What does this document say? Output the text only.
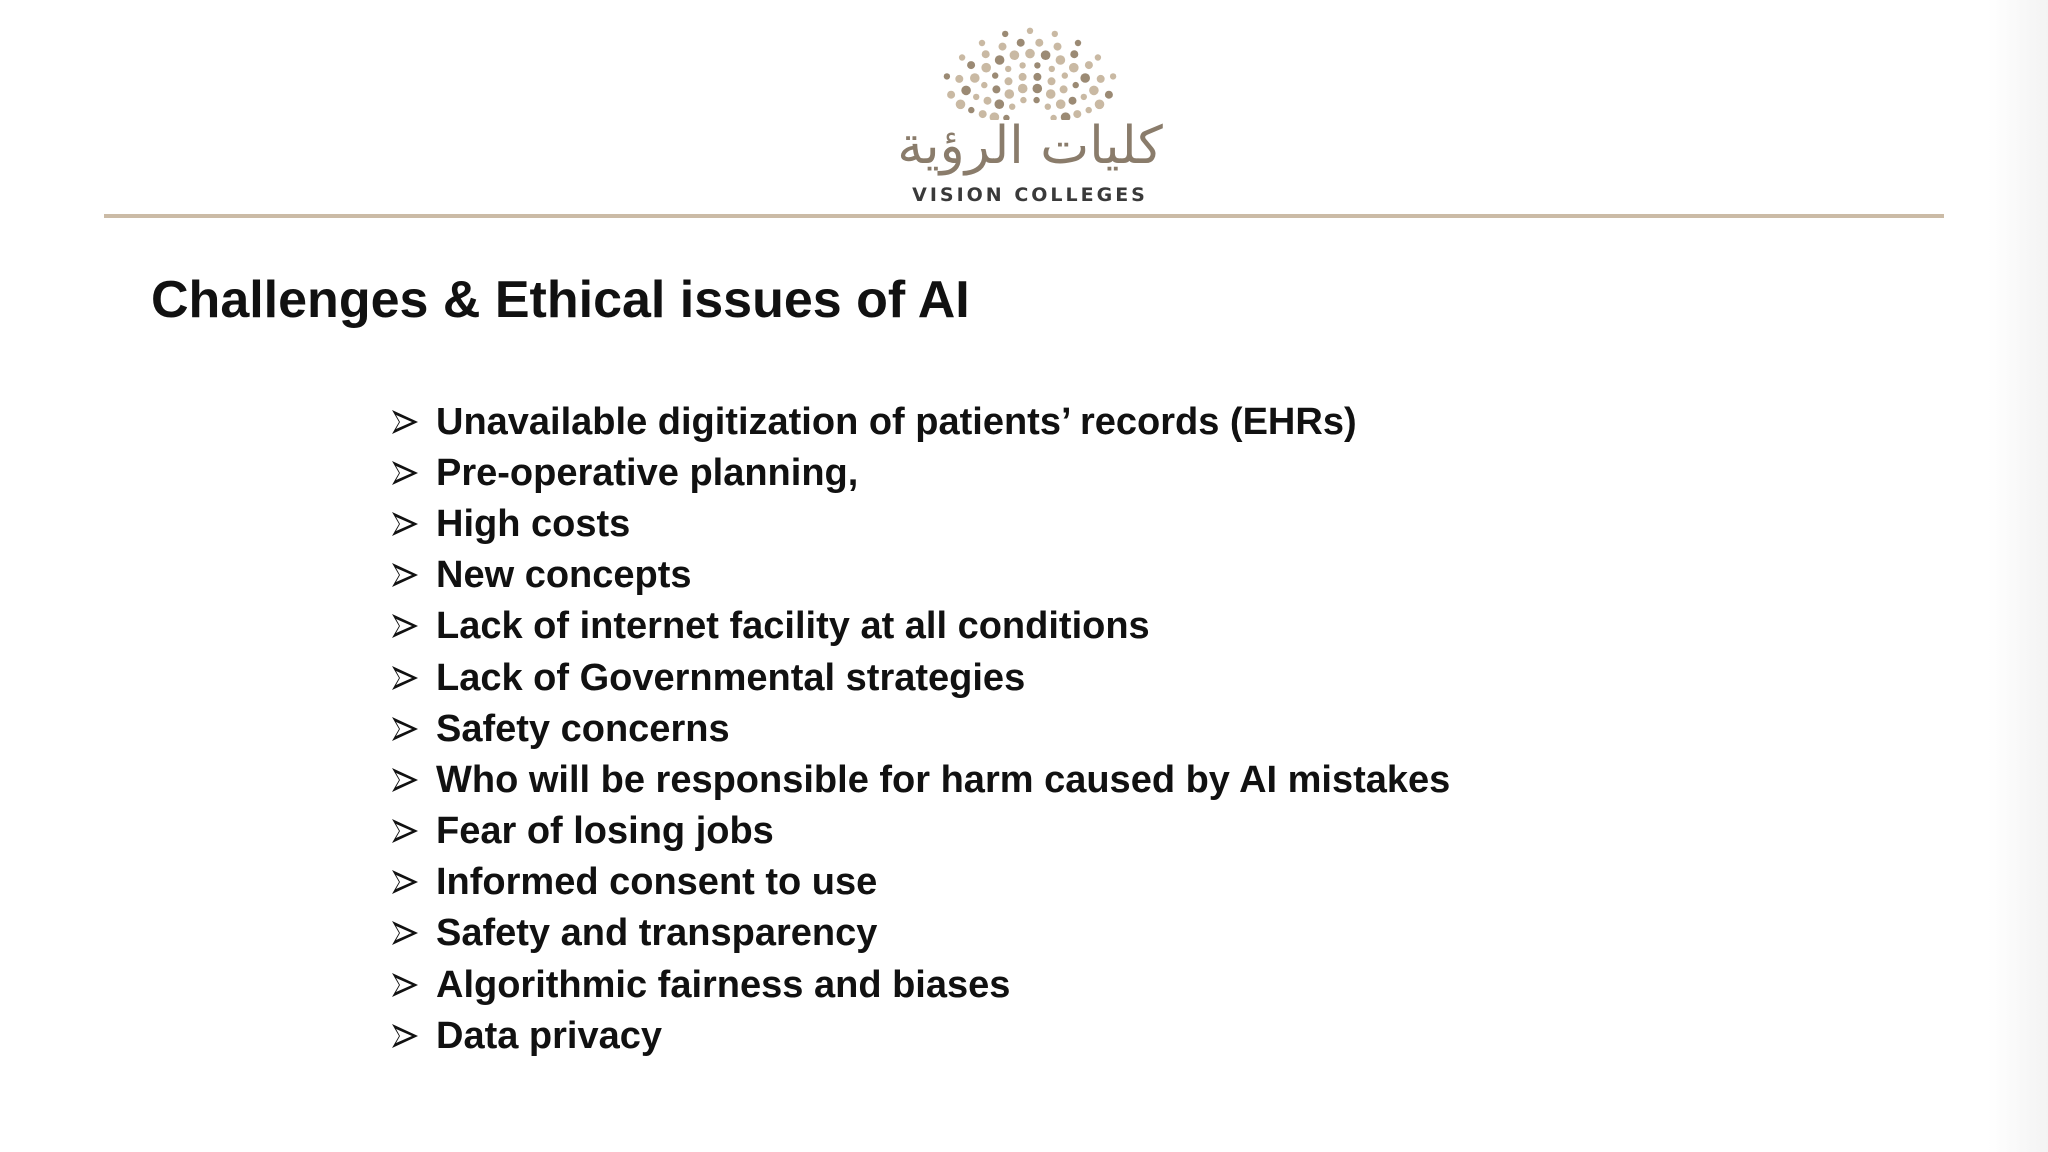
كليات الرؤية
VISION COLLEGES
Challenges & Ethical issues of AI
Unavailable digitization of patients’ records (EHRs)
Pre-operative planning,
High costs
New concepts
Lack of internet facility at all conditions
Lack of Governmental strategies
Safety concerns
Who will be responsible for harm caused by AI mistakes
Fear of losing jobs
Informed consent to use
Safety and transparency
Algorithmic fairness and biases
Data privacy
